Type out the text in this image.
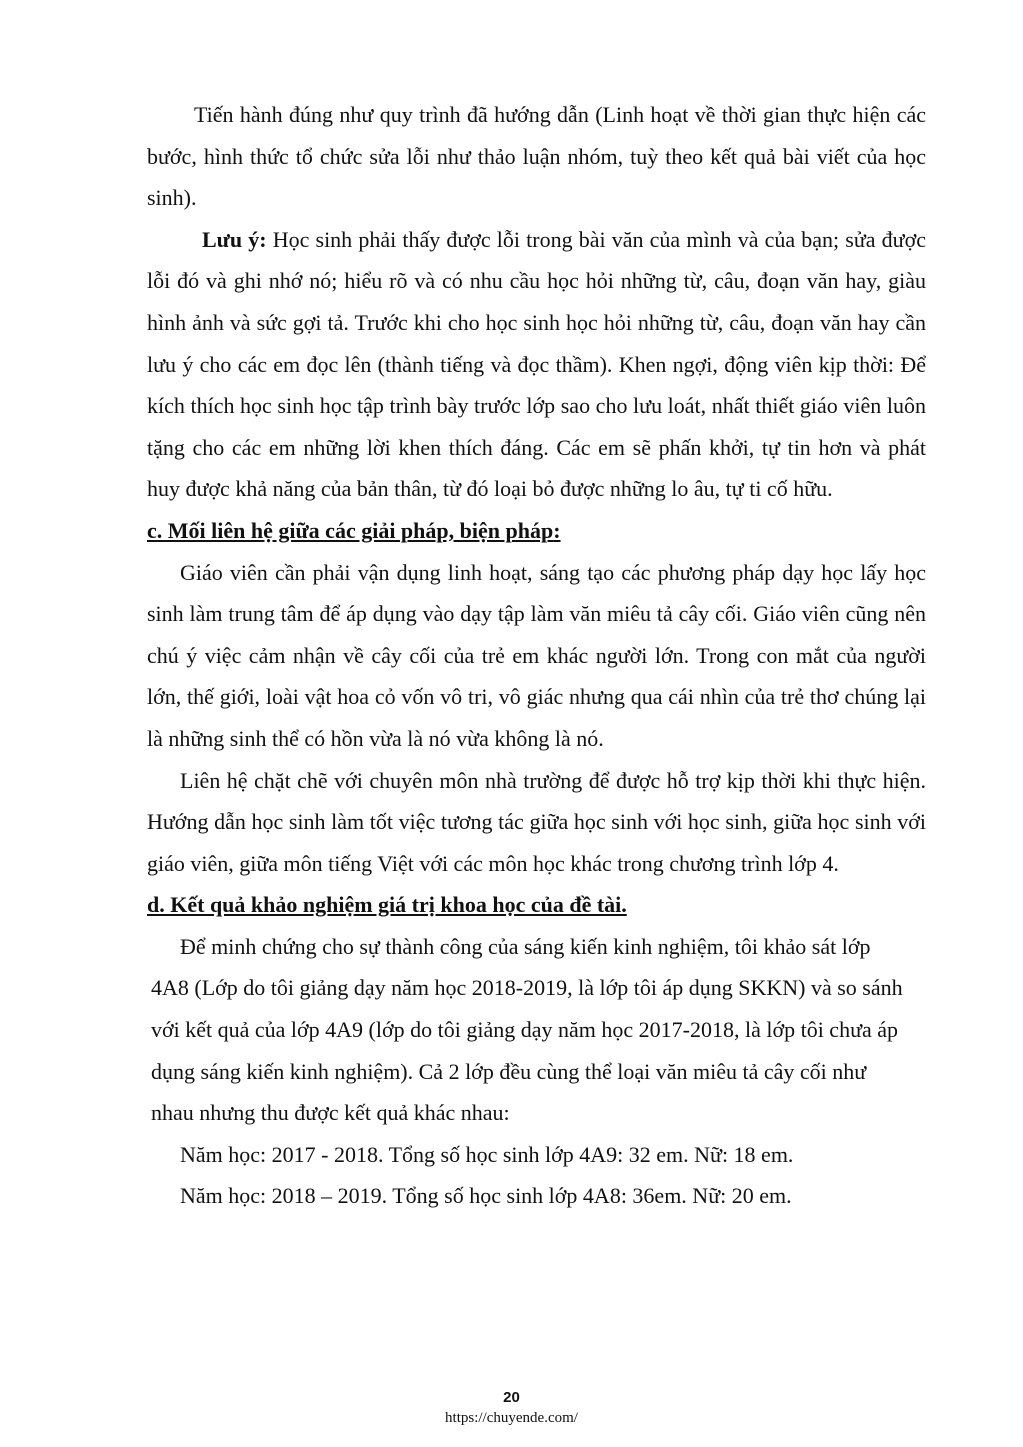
Tiến hành đúng như quy trình đã hướng dẫn (Linh hoạt về thời gian thực hiện các bước, hình thức tổ chức sửa lỗi như thảo luận nhóm, tuỳ theo kết quả bài viết của học sinh).

Lưu ý: Học sinh phải thấy được lỗi trong bài văn của mình và của bạn; sửa được lỗi đó và ghi nhớ nó; hiểu rõ và có nhu cầu học hỏi những từ, câu, đoạn văn hay, giàu hình ảnh và sức gợi tả. Trước khi cho học sinh học hỏi những từ, câu, đoạn văn hay cần lưu ý cho các em đọc lên (thành tiếng và đọc thầm). Khen ngợi, động viên kịp thời: Để kích thích học sinh học tập trình bày trước lớp sao cho lưu loát, nhất thiết giáo viên luôn tặng cho các em những lời khen thích đáng. Các em sẽ phấn khởi, tự tin hơn và phát huy được khả năng của bản thân, từ đó loại bỏ được những lo âu, tự ti cố hữu.

c. Mối liên hệ giữa các giải pháp, biện pháp:

Giáo viên cần phải vận dụng linh hoạt, sáng tạo các phương pháp dạy học lấy học sinh làm trung tâm để áp dụng vào dạy tập làm văn miêu tả cây cối. Giáo viên cũng nên chú ý việc cảm nhận về cây cối của trẻ em khác người lớn. Trong con mắt của người lớn, thế giới, loài vật hoa cỏ vốn vô tri, vô giác nhưng qua cái nhìn của trẻ thơ chúng lại là những sinh thể có hồn vừa là nó vừa không là nó.

Liên hệ chặt chẽ với chuyên môn nhà trường để được hỗ trợ kịp thời khi thực hiện. Hướng dẫn học sinh làm tốt việc tương tác giữa học sinh với học sinh, giữa học sinh với giáo viên, giữa môn tiếng Việt với các môn học khác trong chương trình lớp 4.

d. Kết quả khảo nghiệm giá trị khoa học của đề tài.

Để minh chứng cho sự thành công của sáng kiến kinh nghiệm, tôi khảo sát lớp 4A8 (Lớp do tôi giảng dạy năm học 2018-2019, là lớp tôi áp dụng SKKN) và so sánh với kết quả của lớp 4A9 (lớp do tôi giảng dạy năm học 2017-2018, là lớp tôi chưa áp dụng sáng kiến kinh nghiệm). Cả 2 lớp đều cùng thể loại văn miêu tả cây cối như nhau nhưng thu được kết quả khác nhau:

Năm học: 2017 - 2018. Tổng số học sinh lớp 4A9: 32 em. Nữ: 18 em.

Năm học: 2018 – 2019. Tổng số học sinh lớp 4A8: 36em. Nữ: 20 em.

20
https://chuyende.com/
